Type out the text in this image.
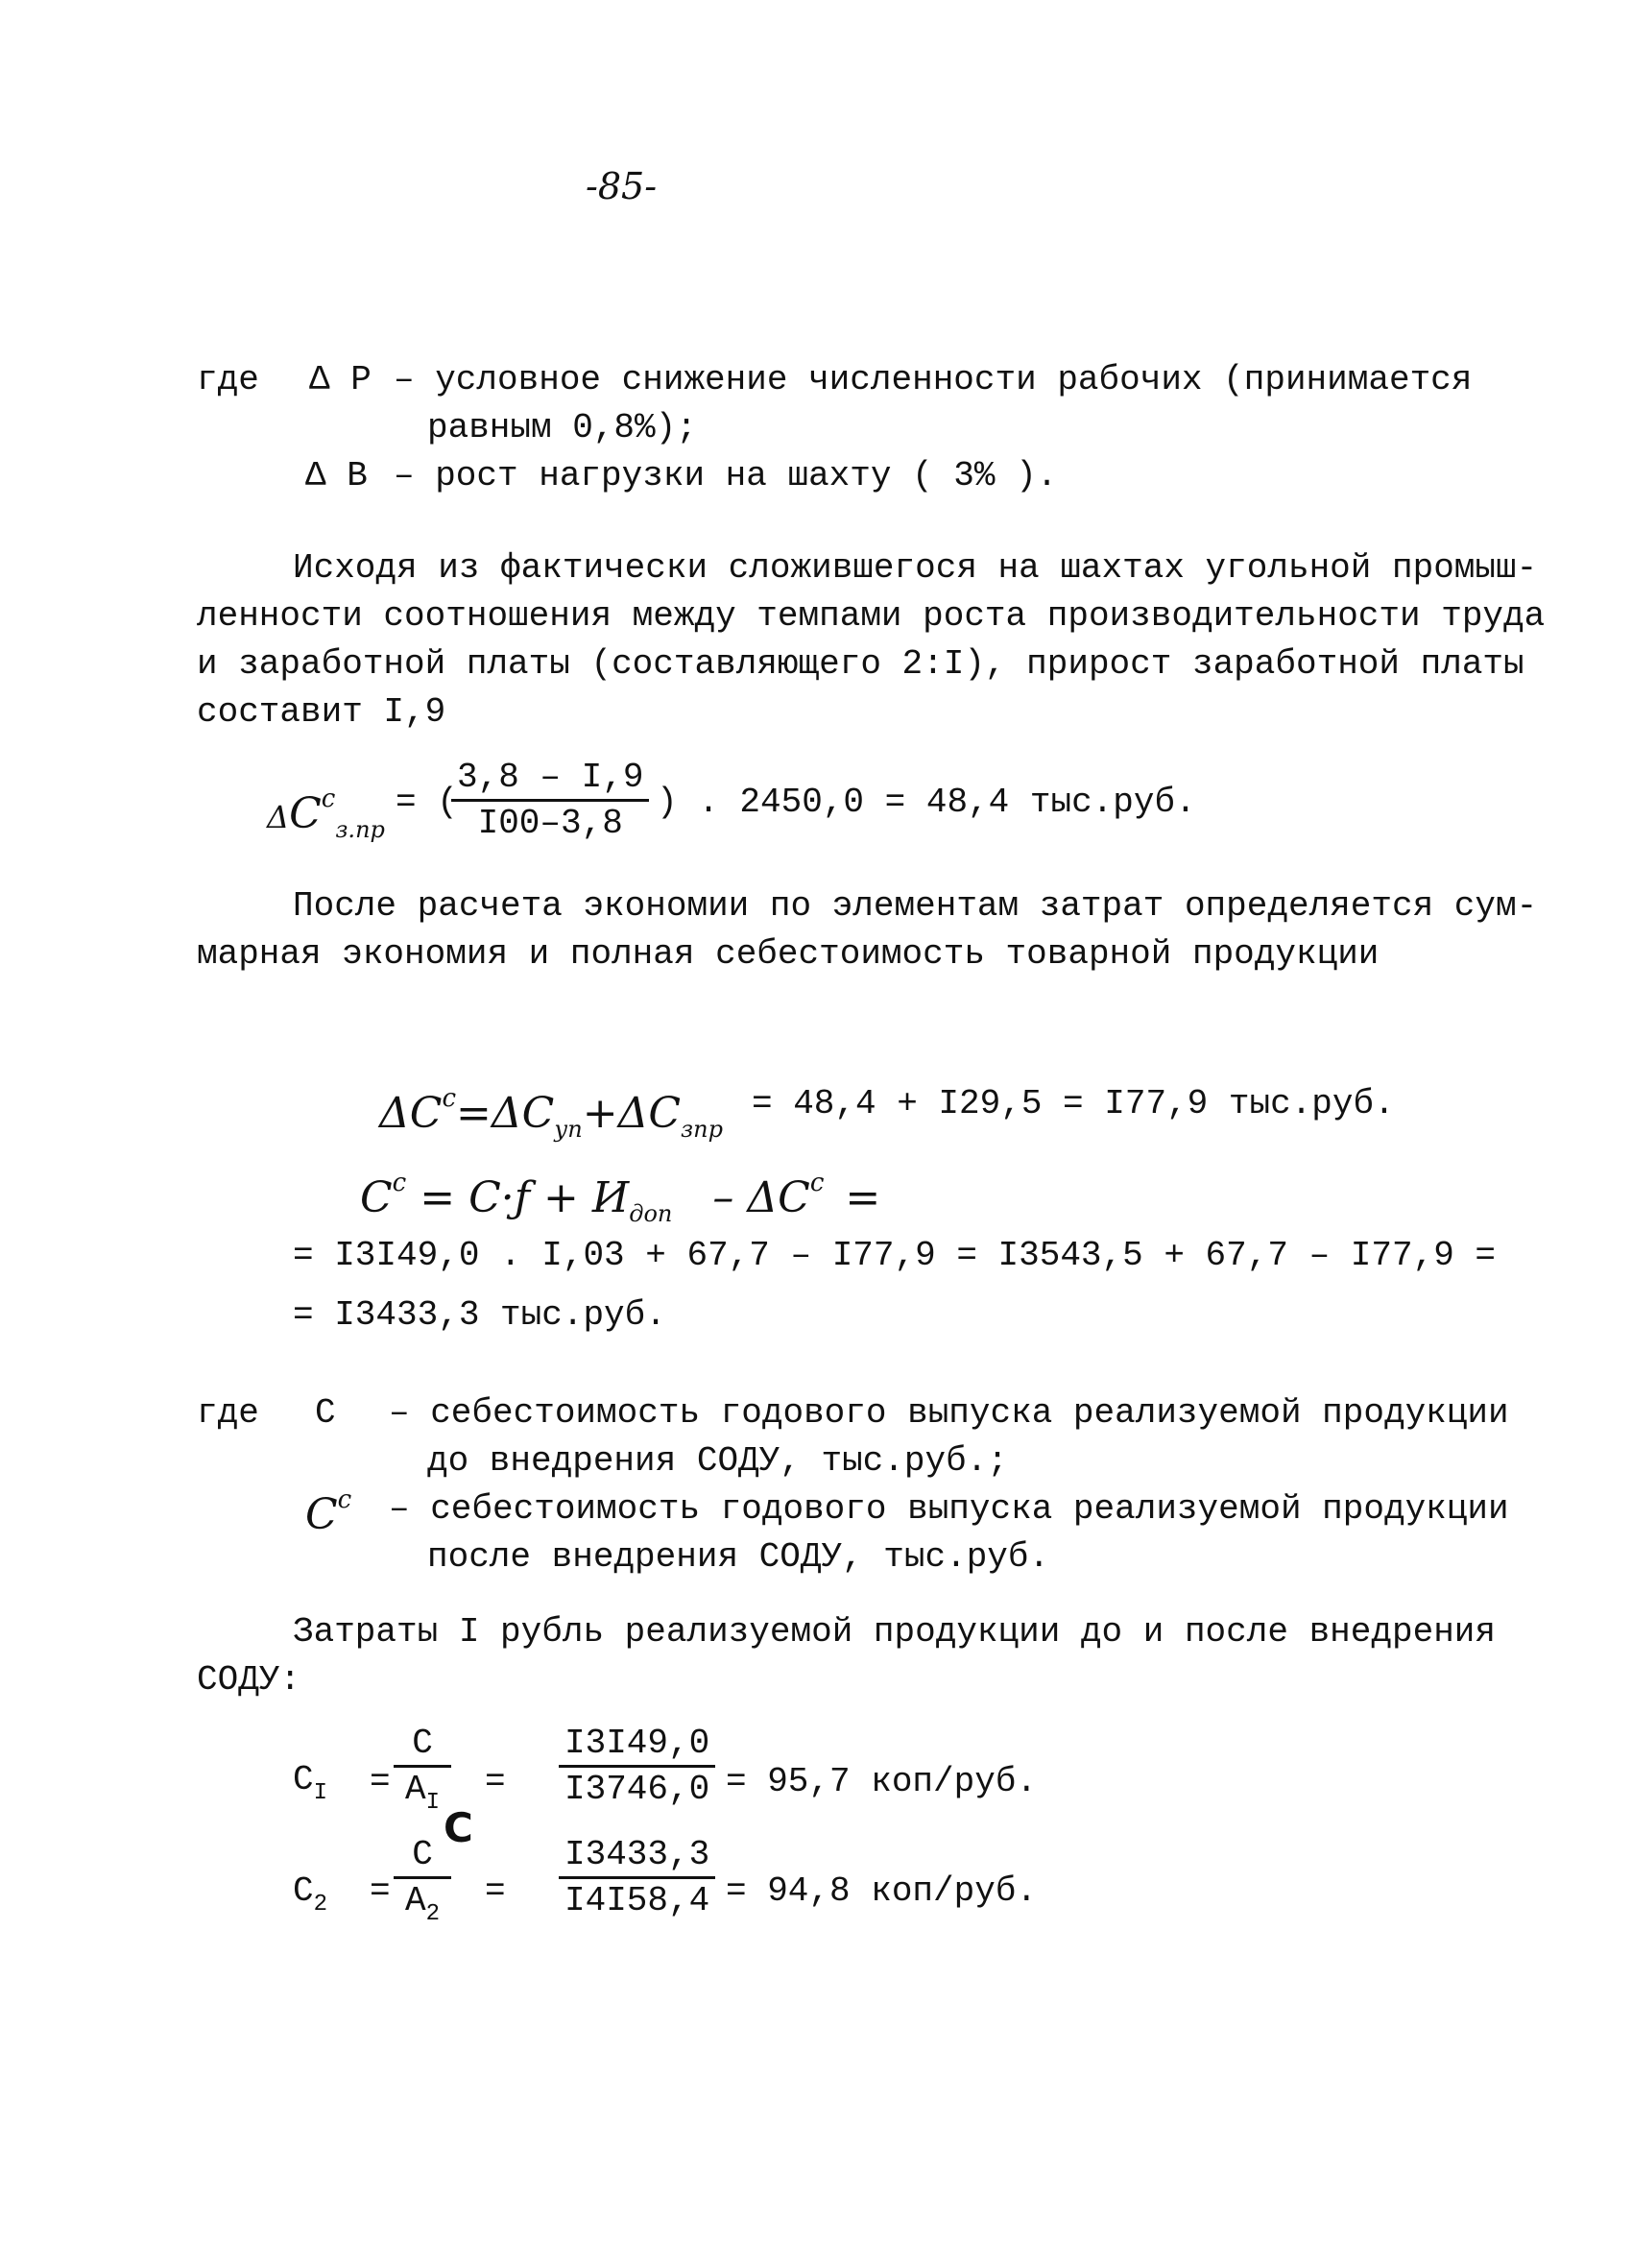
-85-
где Δ Р – условное снижение численности рабочих (принимается
равным 0,8%);
Δ В – рост нагрузки на шахту ( 3% ).
Исходя из фактически сложившегося на шахтах угольной промыш-
ленности соотношения между темпами роста производительности труда
и заработной платы (составляющего 2:I), прирост заработной платы
составит I,9
$\Delta C^с_{з.пр}$
= (
$\frac{3,8 - I,9}{I00-3,8}$ ) . 2450,0 = 48,4 тыс.руб.
После расчета экономии по элементам затрат определяется сум-
марная экономия и полная себестоимость товарной продукции
$\Delta C^с=\Delta C_{уп}+\Delta C_{зпр}$
= 48,4 + I29,5 = I77,9 тыс.руб.
$C^с$ = C·ƒ + $И_{доп} - \Delta C^с$ =
= I3I49,0 . I,03 + 67,7 – I77,9 = I3543,5 + 67,7 – I77,9 =
= I3433,3 тыс.руб.
где С – себестоимость годового выпуска реализуемой продукции
до внедрения СОДУ, тыс.руб.;
$C^с$ – себестоимость годового выпуска реализуемой продукции
после внедрения СОДУ, тыс.руб.
Затраты I рубль реализуемой продукции до и после внедрения
СОДУ:
$С_I$ =
С
$А_I$
= $\frac{I3I49,0}{I3746,0} = 95,7$ коп/руб.
С
$С_2$ =
С
$А_2$
= $\frac{I3433,3}{I4I58,4} = 94,8$ коп/руб.
